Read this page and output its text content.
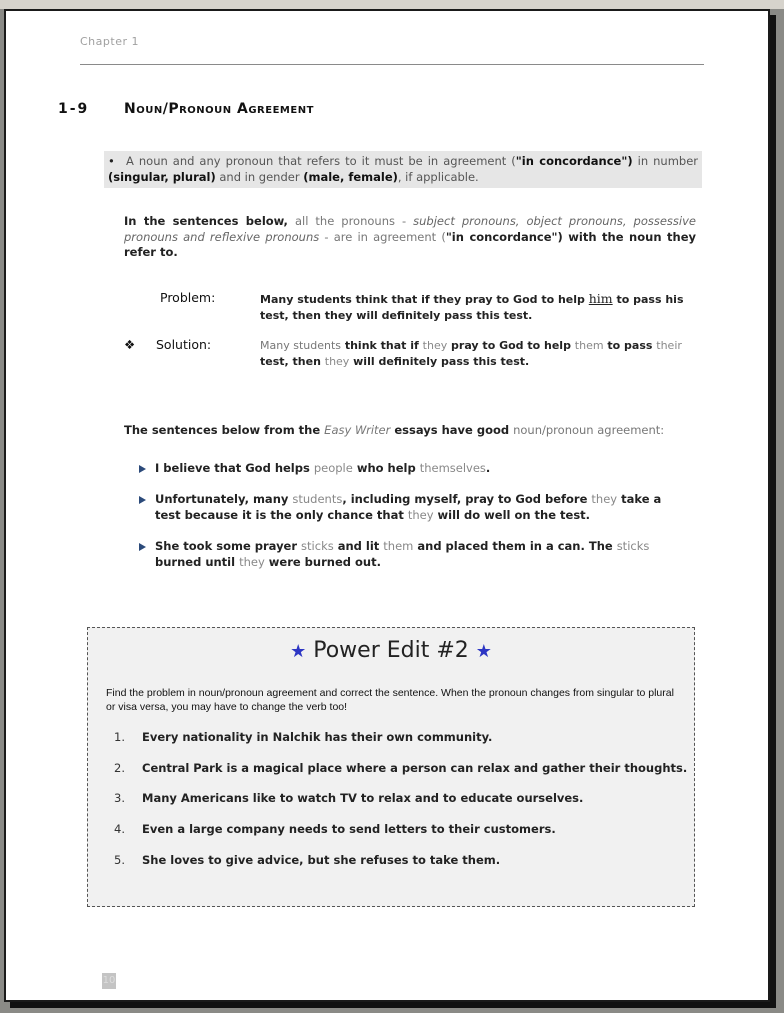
Chapter 1
1-9 Noun/Pronoun Agreement
• A noun and any pronoun that refers to it must be in agreement ("in concordance") in number (singular, plural) and in gender (male, female), if applicable.
In the sentences below, all the pronouns - subject pronouns, object pronouns, possessive pronouns and reflexive pronouns - are in agreement ("in concordance") with the noun they refer to.
Problem:	Many students think that if they pray to God to help him to pass his test, then they will definitely pass this test.
❖ Solution:	Many students think that if they pray to God to help them to pass their test, then they will definitely pass this test.
The sentences below from the Easy Writer essays have good noun/pronoun agreement:
I believe that God helps people who help themselves.
Unfortunately, many students, including myself, pray to God before they take a test because it is the only chance that they will do well on the test.
She took some prayer sticks and lit them and placed them in a can. The sticks burned until they were burned out.
★ Power Edit #2 ★
Find the problem in noun/pronoun agreement and correct the sentence. When the pronoun changes from singular to plural or visa versa, you may have to change the verb too!
1. Every nationality in Nalchik has their own community.
2. Central Park is a magical place where a person can relax and gather their thoughts.
3. Many Americans like to watch TV to relax and to educate ourselves.
4. Even a large company needs to send letters to their customers.
5. She loves to give advice, but she refuses to take them.
10
